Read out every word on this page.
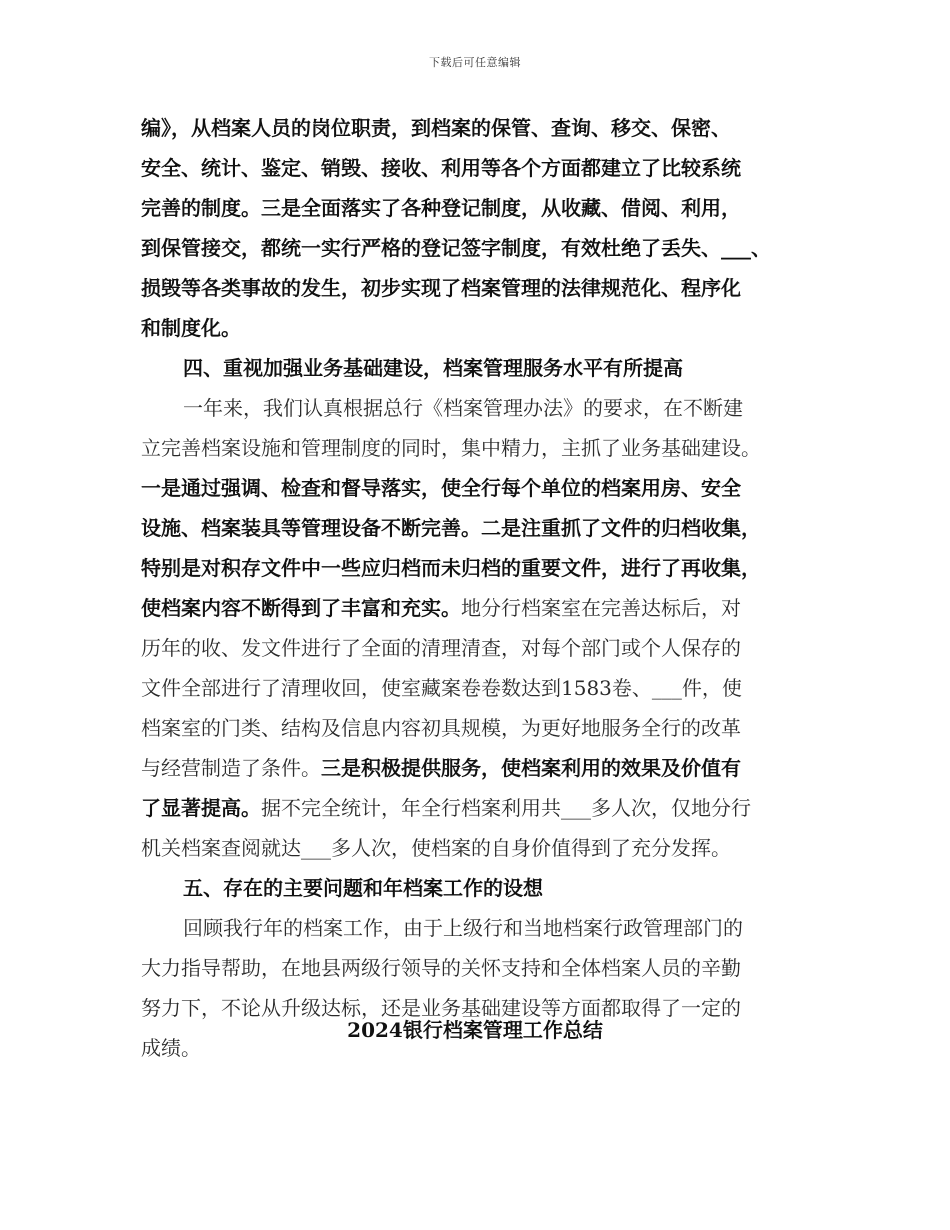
下载后可任意编辑
编》，从档案人员的岗位职责，到档案的保管、查询、移交、保密、
安全、统计、鉴定、销毁、接收、利用等各个方面都建立了比较系统
完善的制度。三是全面落实了各种登记制度，从收藏、借阅、利用，
到保管接交，都统一实行严格的登记签字制度，有效杜绝了丢失、___、
损毁等各类事故的发生，初步实现了档案管理的法律规范化、程序化
和制度化。
四、重视加强业务基础建设，档案管理服务水平有所提高
一年来，我们认真根据总行《档案管理办法》的要求，在不断建
立完善档案设施和管理制度的同时，集中精力，主抓了业务基础建设。
一是通过强调、检查和督导落实，使全行每个单位的档案用房、安全
设施、档案装具等管理设备不断完善。二是注重抓了文件的归档收集，
特别是对积存文件中一些应归档而未归档的重要文件，进行了再收集，
使档案内容不断得到了丰富和充实。地分行档案室在完善达标后，对
历年的收、发文件进行了全面的清理清查，对每个部门或个人保存的
文件全部进行了清理收回，使室藏案卷卷数达到1583卷、___件，使
档案室的门类、结构及信息内容初具规模，为更好地服务全行的改革
与经营制造了条件。三是积极提供服务，使档案利用的效果及价值有
了显著提高。据不完全统计，年全行档案利用共___多人次，仅地分行
机关档案查阅就达___多人次，使档案的自身价值得到了充分发挥。
五、存在的主要问题和年档案工作的设想
回顾我行年的档案工作，由于上级行和当地档案行政管理部门的
大力指导帮助，在地县两级行领导的关怀支持和全体档案人员的辛勤
努力下，不论从升级达标，还是业务基础建设等方面都取得了一定的
成绩。
2024银行档案管理工作总结
